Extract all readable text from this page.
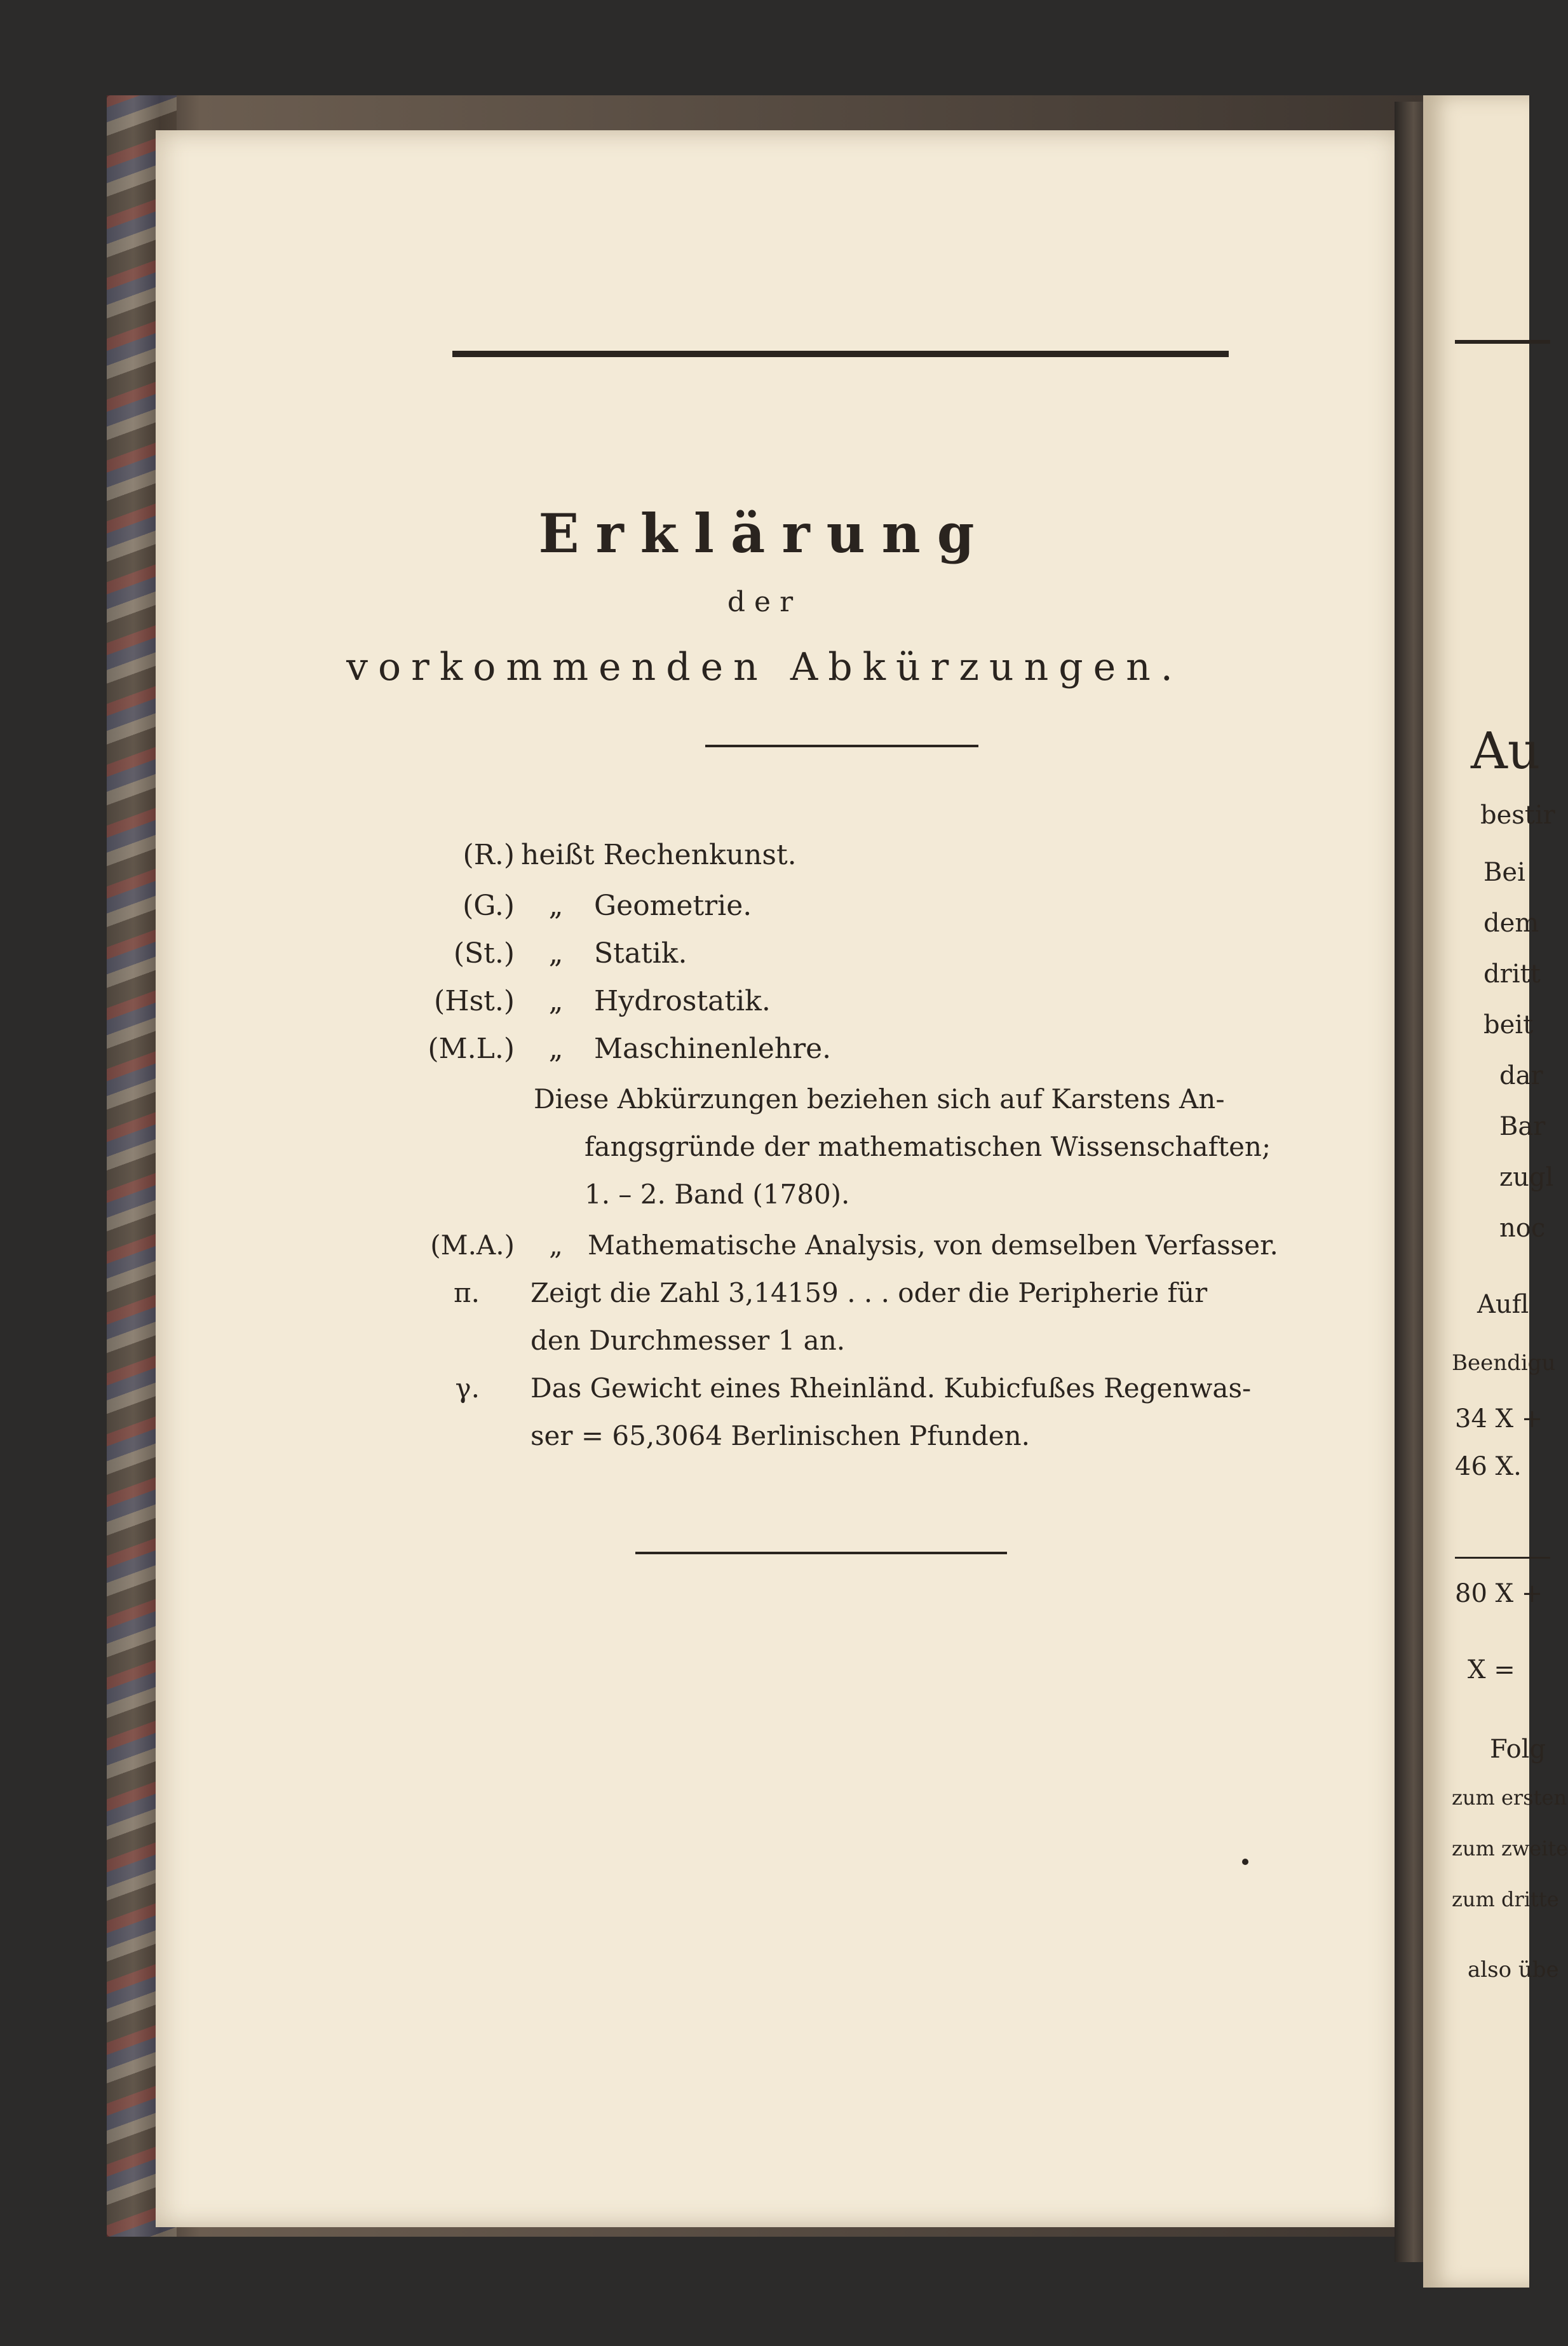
Au
bestir
Bei
dem
dritt
beit
dar
Bar
zugl
noc
Aufl
Beendigu
34 X +
46 X.
80 X +
X =
Folg
zum ersten
zum zweite
zum dritte
also übe
Erklärung
der
vorkommenden Abkürzungen.
(R.) heißt Rechenkunst.
(G.) „ Geometrie.
(St.) „ Statik.
(Hst.) „ Hydrostatik.
(M.L.) „ Maschinenlehre.
Diese Abkürzungen beziehen sich auf Karstens An-
fangsgründe der mathematischen Wissenschaften;
1. – 2. Band (1780).
(M.A.) „ Mathematische Analysis, von demselben Verfasser.
π. Zeigt die Zahl 3,14159 . . . oder die Peripherie für
den Durchmesser 1 an.
γ. Das Gewicht eines Rheinländ. Kubicfußes Regenwas-
ser = 65,3064 Berlinischen Pfunden.
